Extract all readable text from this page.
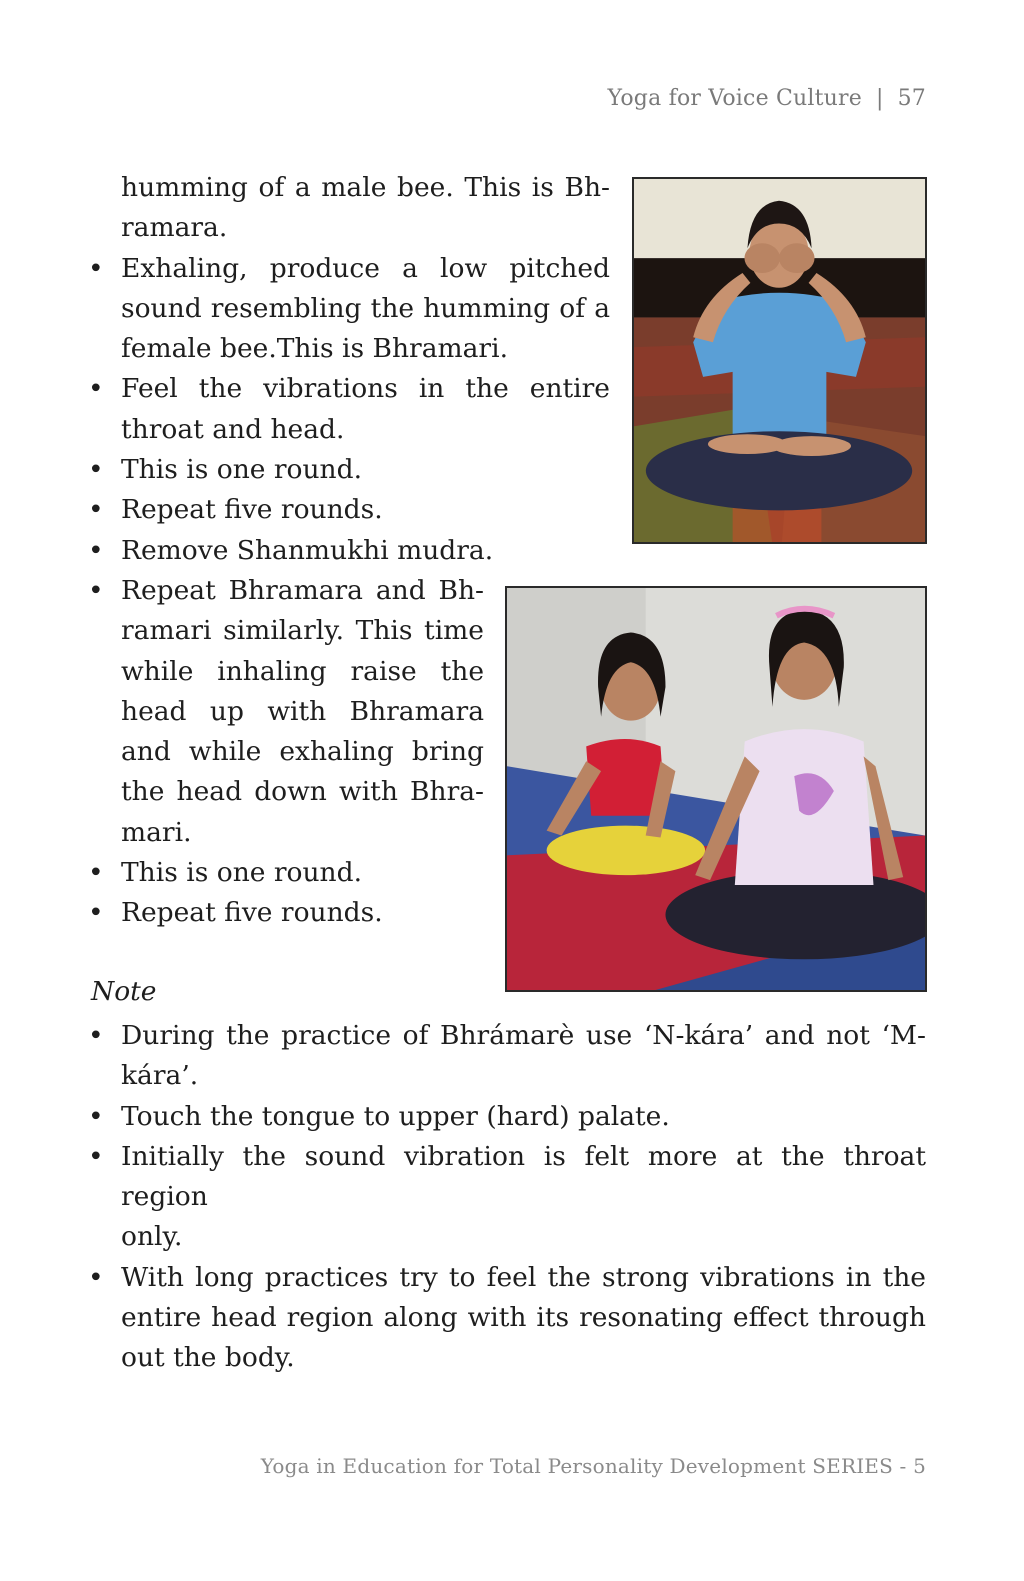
Yoga for Voice Culture | 57
humming of a male bee. This is Bh-
ramara.
• Exhaling, produce a low pitched
sound resembling the humming of a
female bee.This is Bhramari.
• Feel the vibrations in the entire
throat and head.
• This is one round.
• Repeat five rounds.
• Remove Shanmukhi mudra.
• Repeat Bhramara and Bh-
ramari similarly. This time
while inhaling raise the
head up with Bhramara
and while exhaling bring
the head down with Bhra-
mari.
• This is one round.
• Repeat five rounds.
Note
• During the practice of Bhrámarè use ‘N-kára’ and not ‘M-
kára’.
• Touch the tongue to upper (hard) palate.
• Initially the sound vibration is felt more at the throat region
only.
• With long practices try to feel the strong vibrations in the
entire head region along with its resonating effect through
out the body.
Yoga in Education for Total Personality Development SERIES - 5
